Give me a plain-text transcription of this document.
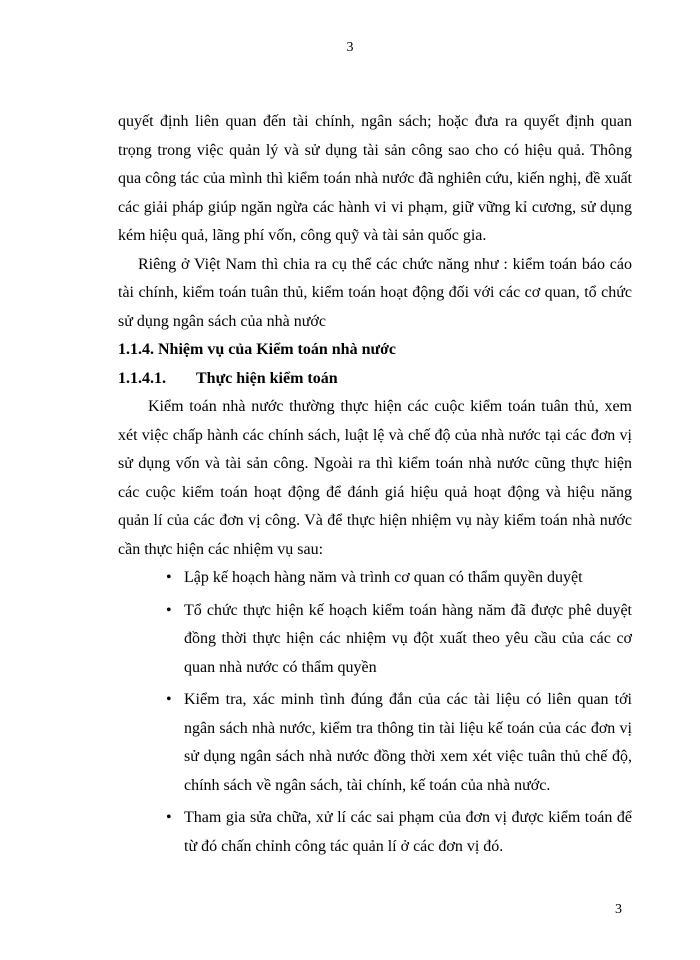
3

quyết định liên quan đến tài chính, ngân sách; hoặc đưa ra quyết định quan trọng trong việc quản lý và sử dụng tài sản công sao cho có hiệu quả. Thông qua công tác của mình thì kiểm toán nhà nước đã nghiên cứu, kiến nghị, đề xuất các giải pháp giúp ngăn ngừa các hành vi vi phạm, giữ vững kỉ cương, sử dụng kém hiệu quả, lãng phí vốn, công quỹ và tài sản quốc gia.

Riêng ở Việt Nam thì chia ra cụ thể các chức năng như : kiểm toán báo cáo tài chính, kiểm toán tuân thủ, kiểm toán hoạt động đối với các cơ quan, tổ chức sử dụng ngân sách của nhà nước

1.1.4. Nhiệm vụ của Kiểm toán nhà nước

1.1.4.1. Thực hiện kiểm toán

Kiểm toán nhà nước thường thực hiện các cuộc kiểm toán tuân thủ, xem xét việc chấp hành các chính sách, luật lệ và chế độ của nhà nước tại các đơn vị sử dụng vốn và tài sản công. Ngoài ra thì kiểm toán nhà nước cũng thực hiện các cuộc kiểm toán hoạt động để đánh giá hiệu quả hoạt động và hiệu năng quản lí của các đơn vị công. Và để thực hiện nhiệm vụ này kiểm toán nhà nước cần thực hiện các nhiệm vụ sau:

• Lập kế hoạch hàng năm và trình cơ quan có thẩm quyền duyệt
• Tổ chức thực hiện kế hoạch kiểm toán hàng năm đã được phê duyệt đồng thời thực hiện các nhiệm vụ đột xuất theo yêu cầu của các cơ quan nhà nước có thẩm quyền
• Kiểm tra, xác minh tình đúng đắn của các tài liệu có liên quan tới ngân sách nhà nước, kiểm tra thông tin tài liệu kế toán của các đơn vị sử dụng ngân sách nhà nước đồng thời xem xét việc tuân thủ chế độ, chính sách về ngân sách, tài chính, kế toán của nhà nước.
• Tham gia sửa chữa, xử lí các sai phạm của đơn vị được kiểm toán để từ đó chấn chỉnh công tác quản lí ở các đơn vị đó.
3
